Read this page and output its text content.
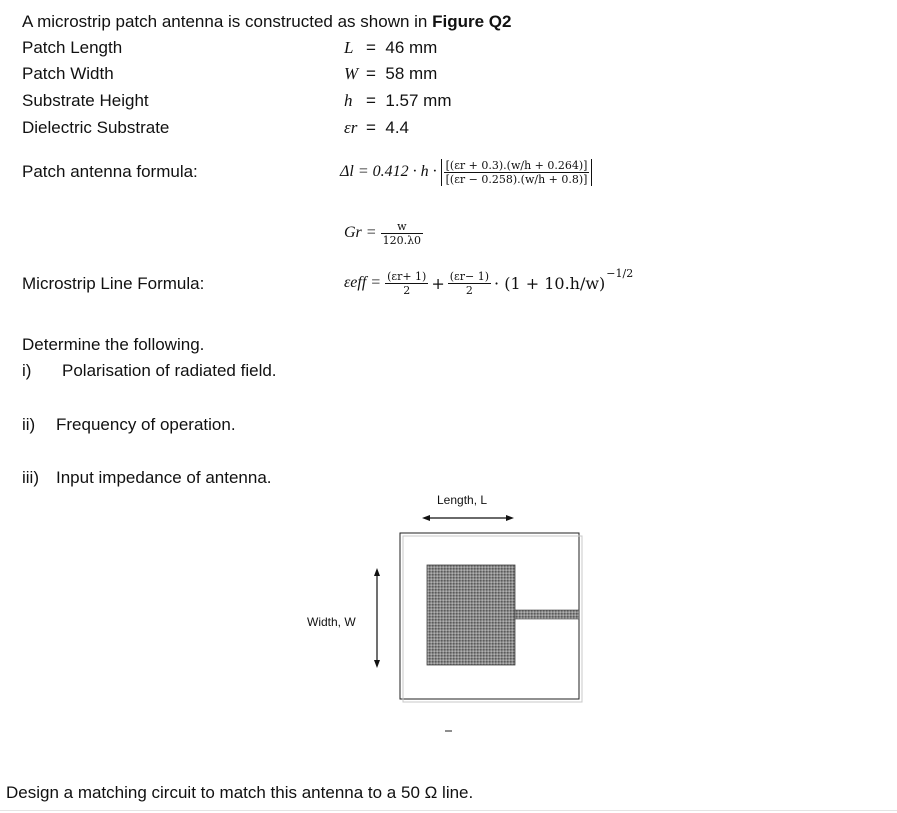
A microstrip patch antenna is constructed as shown in Figure Q2
Patch Length	L =  46 mm
Patch Width	W =  58 mm
Substrate Height	h =  1.57 mm
Dielectric Substrate	εr =  4.4
Patch antenna formula:	$\Delta l = 0.412 \cdot h \cdot \frac{[(\varepsilon r + 0.3).(w/h + 0.264)]}{[(\varepsilon r - 0.258).(w/h + 0.8)]}$
$Gr = \frac{w}{120.\lambda 0}$
Microstrip Line Formula:	$\varepsilon eff = \frac{(\varepsilon r+ 1)}{2} + \frac{(\varepsilon r- 1)}{2} \cdot (1 + 10.h/w)$
$^{-1/2}$
Determine the following.
i) Polarisation of radiated field.
ii) Frequency of operation.
iii) Input impedance of antenna.
Length, L
Width, W
Design a matching circuit to match this antenna to a 50 Ω line.
